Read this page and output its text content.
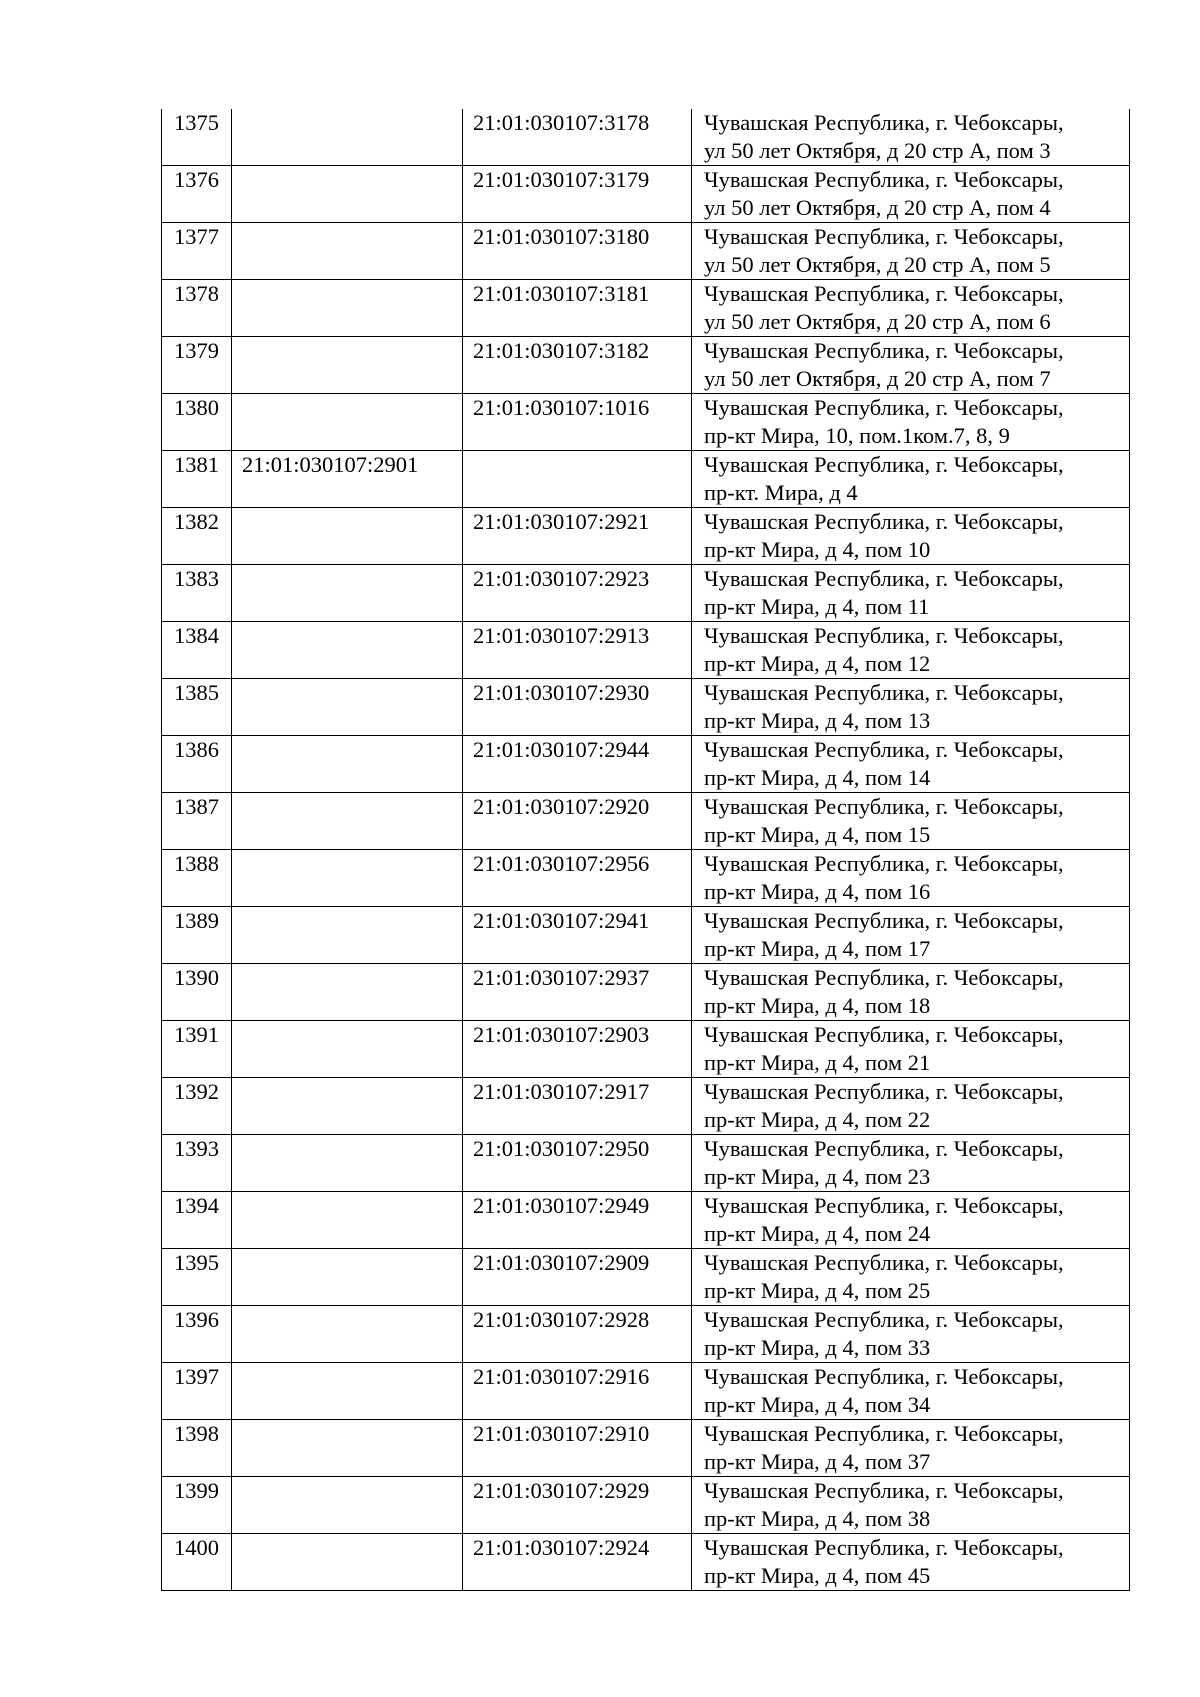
1375		21:01:030107:3178	Чувашская Республика, г. Чебоксары,
ул 50 лет Октября, д 20 стр А, пом 3

1376		21:01:030107:3179	Чувашская Республика, г. Чебоксары,
ул 50 лет Октября, д 20 стр А, пом 4

1377		21:01:030107:3180	Чувашская Республика, г. Чебоксары,
ул 50 лет Октября, д 20 стр А, пом 5

1378		21:01:030107:3181	Чувашская Республика, г. Чебоксары,
ул 50 лет Октября, д 20 стр А, пом 6

1379		21:01:030107:3182	Чувашская Республика, г. Чебоксары,
ул 50 лет Октября, д 20 стр А, пом 7

1380		21:01:030107:1016	Чувашская Республика, г. Чебоксары,
пр-кт Мира, 10, пом.1ком.7, 8, 9

1381	21:01:030107:2901		Чувашская Республика, г. Чебоксары,
пр-кт. Мира, д 4

1382		21:01:030107:2921	Чувашская Республика, г. Чебоксары,
пр-кт Мира, д 4, пом 10

1383		21:01:030107:2923	Чувашская Республика, г. Чебоксары,
пр-кт Мира, д 4, пом 11

1384		21:01:030107:2913	Чувашская Республика, г. Чебоксары,
пр-кт Мира, д 4, пом 12

1385		21:01:030107:2930	Чувашская Республика, г. Чебоксары,
пр-кт Мира, д 4, пом 13

1386		21:01:030107:2944	Чувашская Республика, г. Чебоксары,
пр-кт Мира, д 4, пом 14

1387		21:01:030107:2920	Чувашская Республика, г. Чебоксары,
пр-кт Мира, д 4, пом 15

1388		21:01:030107:2956	Чувашская Республика, г. Чебоксары,
пр-кт Мира, д 4, пом 16

1389		21:01:030107:2941	Чувашская Республика, г. Чебоксары,
пр-кт Мира, д 4, пом 17

1390		21:01:030107:2937	Чувашская Республика, г. Чебоксары,
пр-кт Мира, д 4, пом 18

1391		21:01:030107:2903	Чувашская Республика, г. Чебоксары,
пр-кт Мира, д 4, пом 21

1392		21:01:030107:2917	Чувашская Республика, г. Чебоксары,
пр-кт Мира, д 4, пом 22

1393		21:01:030107:2950	Чувашская Республика, г. Чебоксары,
пр-кт Мира, д 4, пом 23

1394		21:01:030107:2949	Чувашская Республика, г. Чебоксары,
пр-кт Мира, д 4, пом 24

1395		21:01:030107:2909	Чувашская Республика, г. Чебоксары,
пр-кт Мира, д 4, пом 25

1396		21:01:030107:2928	Чувашская Республика, г. Чебоксары,
пр-кт Мира, д 4, пом 33

1397		21:01:030107:2916	Чувашская Республика, г. Чебоксары,
пр-кт Мира, д 4, пом 34

1398		21:01:030107:2910	Чувашская Республика, г. Чебоксары,
пр-кт Мира, д 4, пом 37

1399		21:01:030107:2929	Чувашская Республика, г. Чебоксары,
пр-кт Мира, д 4, пом 38

1400		21:01:030107:2924	Чувашская Республика, г. Чебоксары,
пр-кт Мира, д 4, пом 45
